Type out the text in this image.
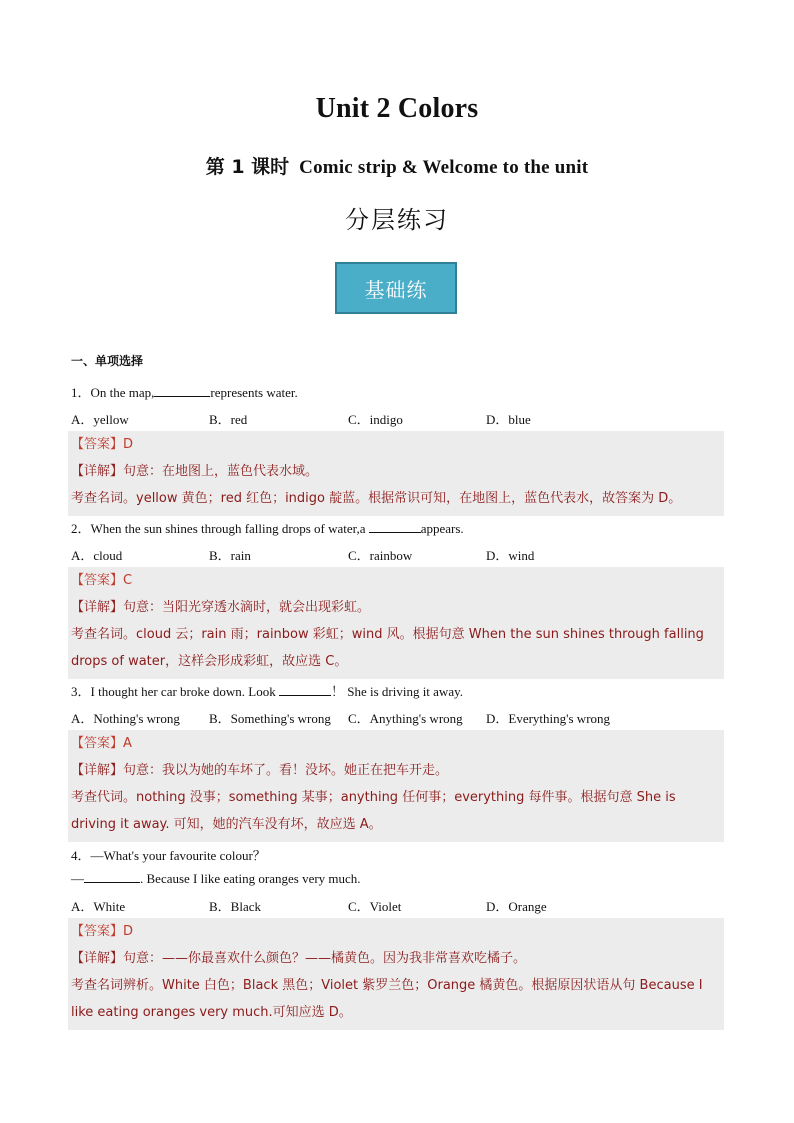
Unit 2 Colors
第 1 课时 Comic strip & Welcome to the unit
分层练习
基础练
一、单项选择
1．On the map,	represents water.
A．yellow	B．red	C．indigo	D．blue
【答案】D
【详解】句意：在地图上，蓝色代表水域。
考查名词。yellow 黄色；red 红色；indigo 靛蓝。根据常识可知，在地图上，蓝色代表水，故答案为 D。
2．When the sun shines through falling drops of water,a	appears.
A．cloud	B．rain	C．rainbow	D．wind
【答案】C
【详解】句意：当阳光穿透水滴时，就会出现彩虹。
考查名词。cloud 云；rain 雨；rainbow 彩虹；wind 风。根据句意 When the sun shines through falling drops of water，这样会形成彩虹，故应选 C。
3．I thought her car broke down. Look	！ She is driving it away.
A．Nothing's wrong B．Something's wrong C．Anything's wrong D．Everything's wrong
【答案】A
【详解】句意：我以为她的车坏了。看！没坏。她正在把车开走。
考查代词。nothing 没事；something 某事；anything 任何事；everything 每件事。根据句意 She is driving it away. 可知，她的汽车没有坏，故应选 A。
4．—What's your favourite colour？
—	. Because I like eating oranges very much.
A．White	B．Black	C．Violet	D．Orange
【答案】D
【详解】句意：——你最喜欢什么颜色？——橘黄色。因为我非常喜欢吃橘子。
考查名词辨析。White 白色；Black 黑色；Violet 紫罗兰色；Orange 橘黄色。根据原因状语从句 Because I like eating oranges very much.可知应选 D。
